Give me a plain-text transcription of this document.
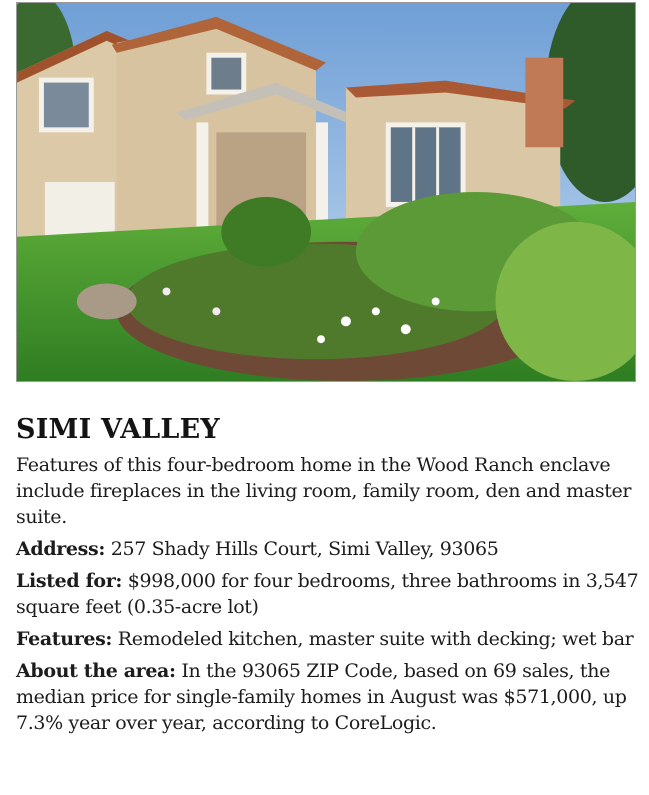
SIMI VALLEY

Features of this four-bedroom home in the Wood Ranch enclave include fireplaces in the living room, family room, den and master suite.

Address: 257 Shady Hills Court, Simi Valley, 93065

Listed for: $998,000 for four bedrooms, three bathrooms in 3,547 square feet (0.35-acre lot)

Features: Remodeled kitchen, master suite with decking; wet bar

About the area: In the 93065 ZIP Code, based on 69 sales, the median price for single-family homes in August was $571,000, up 7.3% year over year, according to CoreLogic.
